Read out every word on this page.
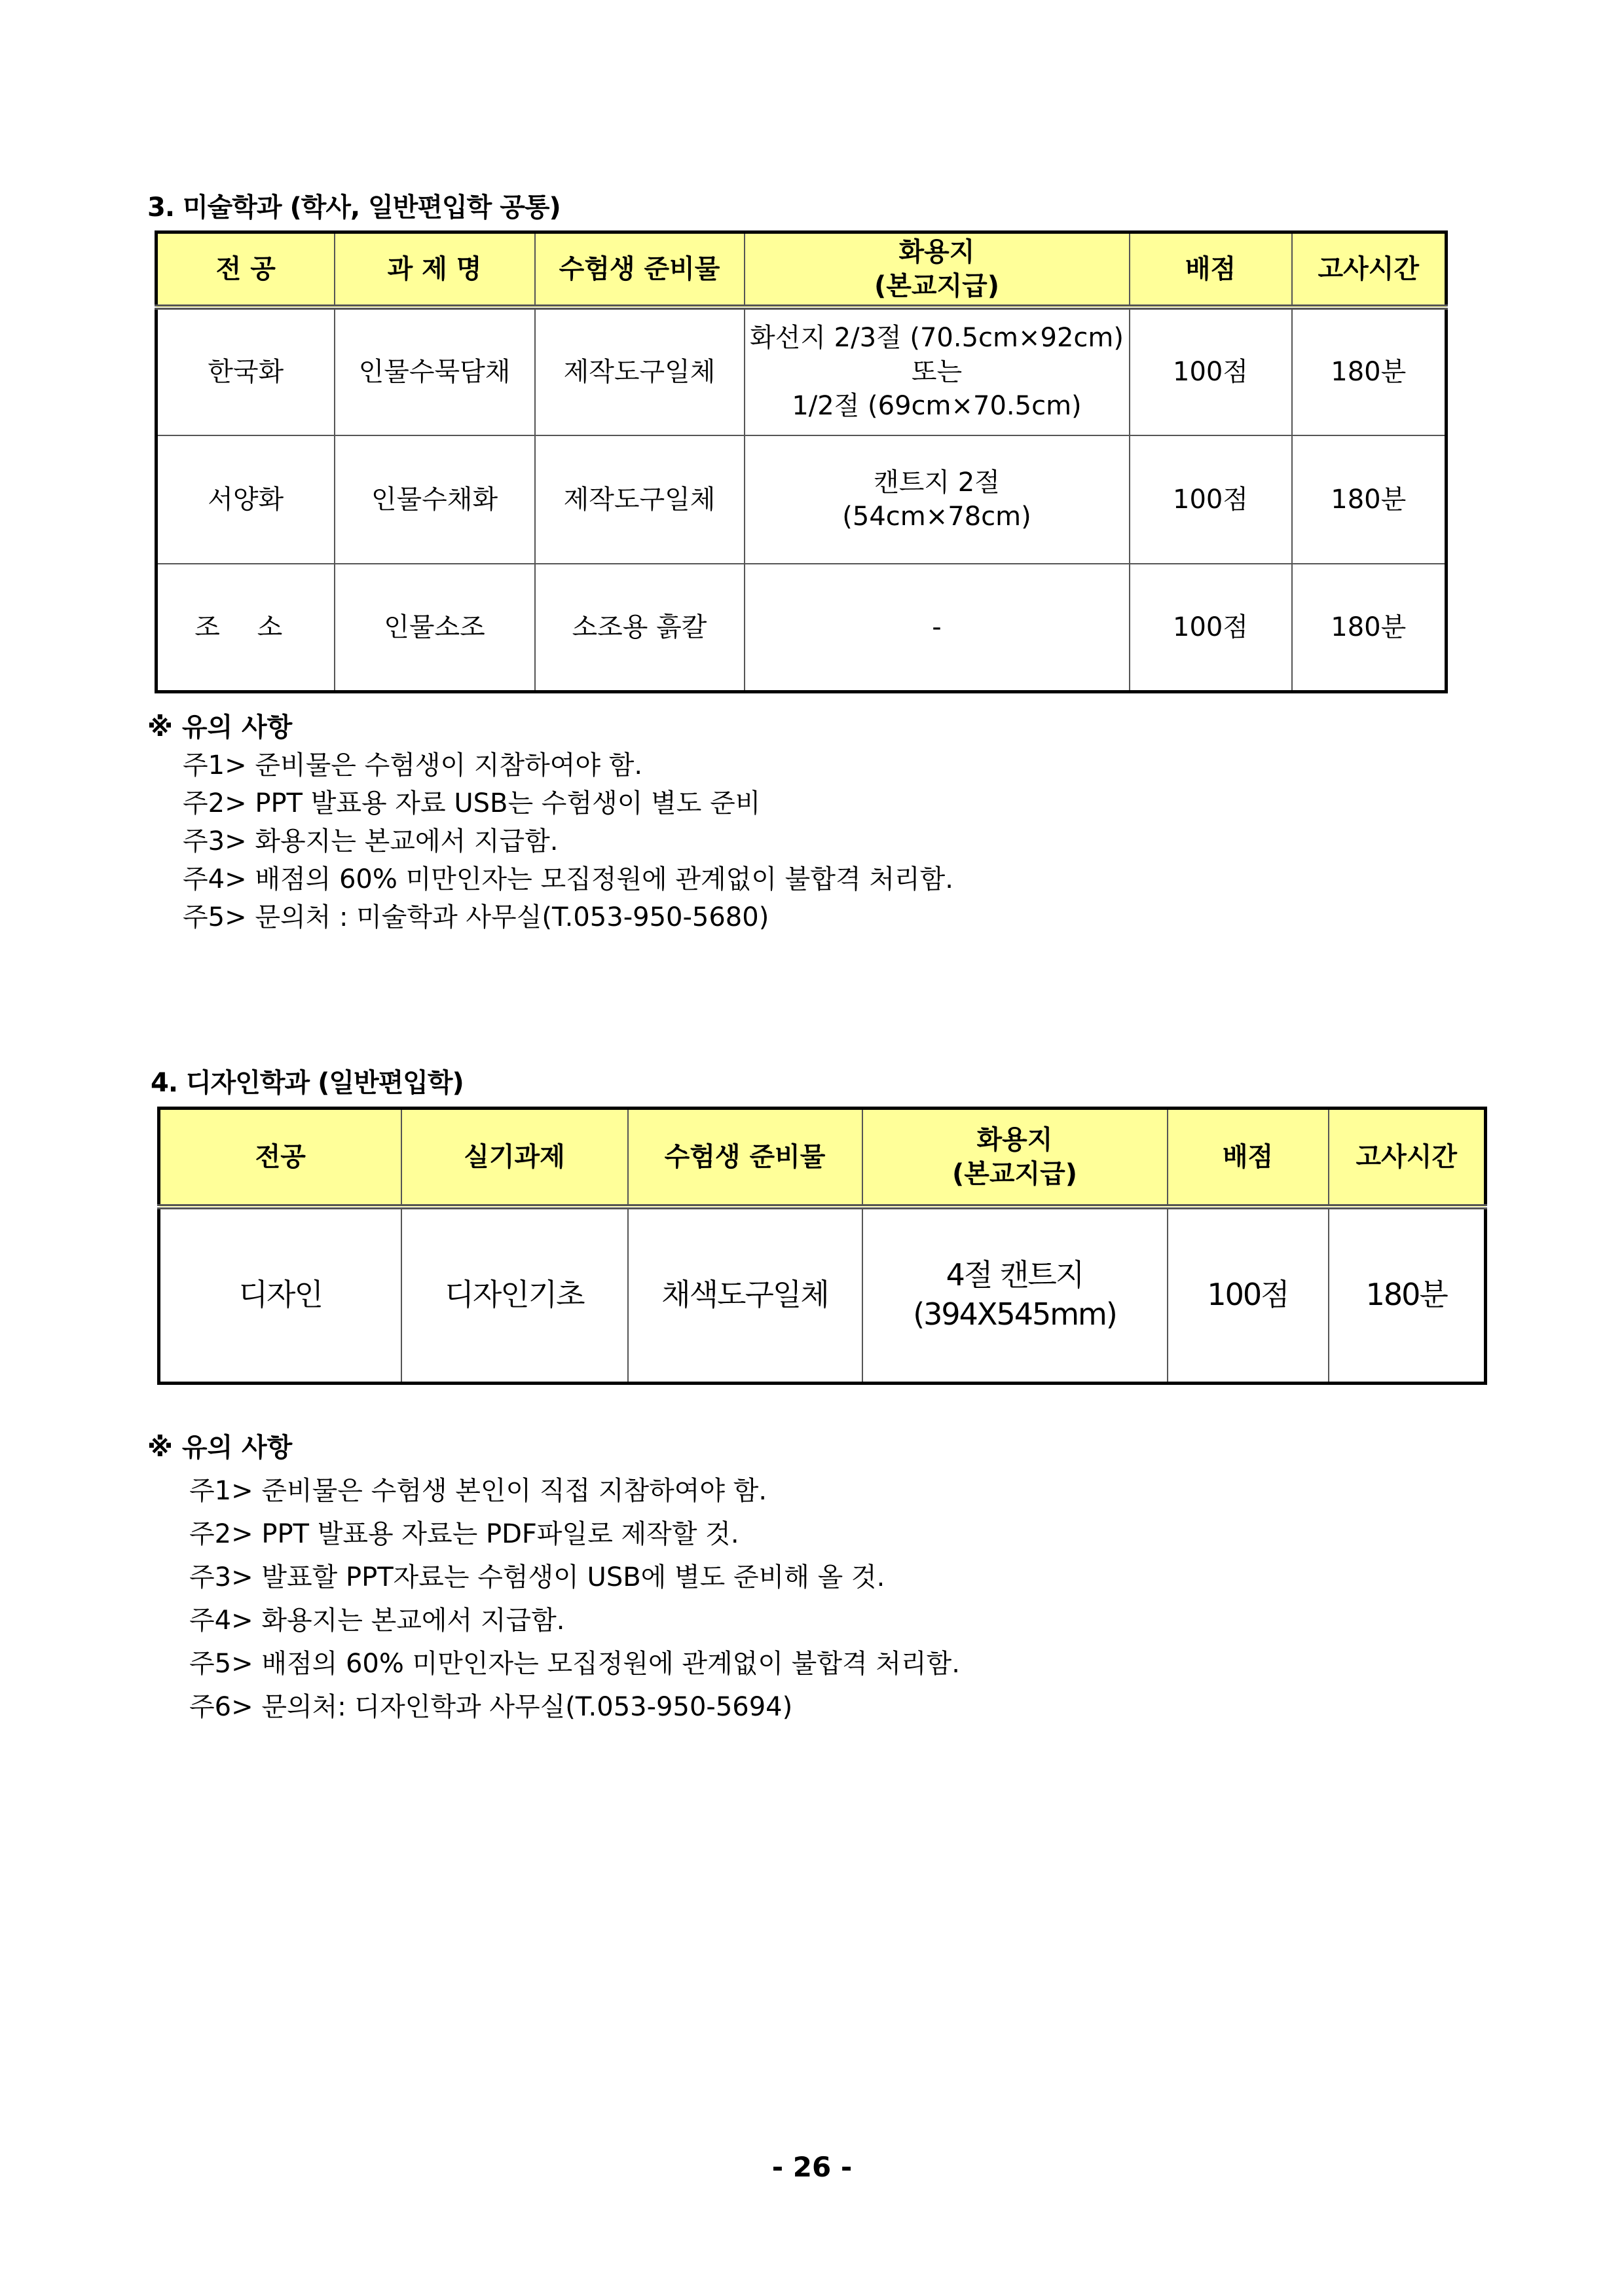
3. 미술학과 (학사, 일반편입학 공통)
전 공	과 제 명	수험생 준비물	화용지
(본교지급)	배점	고사시간
한국화	인물수묵담채	제작도구일체	화선지 2/3절 (70.5cm×92cm)
또는
1/2절 (69cm×70.5cm)	100점	180분
서양화	인물수채화	제작도구일체	캔트지 2절
(54cm×78cm)	100점	180분
조 소	인물소조	소조용 흙칼	-	100점	180분
※ 유의 사항
주1> 준비물은 수험생이 지참하여야 함.
주2> PPT 발표용 자료 USB는 수험생이 별도 준비
주3> 화용지는 본교에서 지급함.
주4> 배점의 60% 미만인자는 모집정원에 관계없이 불합격 처리함.
주5> 문의처 : 미술학과 사무실(T.053-950-5680)
4. 디자인학과 (일반편입학)
전공	실기과제	수험생 준비물	화용지
(본교지급)	배점	고사시간
디자인	디자인기초	채색도구일체	4절 캔트지
(394Ⅹ545mm)	100점	180분
※ 유의 사항
주1> 준비물은 수험생 본인이 직접 지참하여야 함.
주2> PPT 발표용 자료는 PDF파일로 제작할 것.
주3> 발표할 PPT자료는 수험생이 USB에 별도 준비해 올 것.
주4> 화용지는 본교에서 지급함.
주5> 배점의 60% 미만인자는 모집정원에 관계없이 불합격 처리함.
주6> 문의처: 디자인학과 사무실(T.053-950-5694)
- 26 -
